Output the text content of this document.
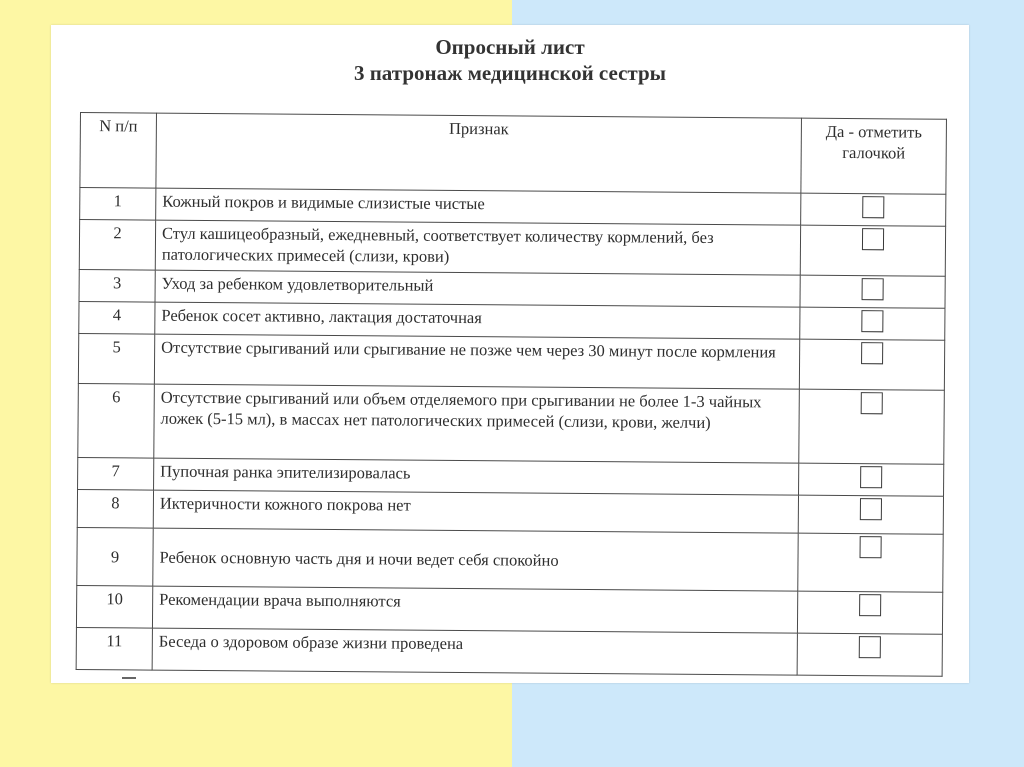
Опросный лист
3 патронаж медицинской сестры
N п/п	Признак	Да - отметить галочкой
1	Кожный покров и видимые слизистые чистые	
2	Стул кашицеобразный, ежедневный, соответствует количеству кормлений, без патологических примесей (слизи, крови)	
3	Уход за ребенком удовлетворительный	
4	Ребенок сосет активно, лактация достаточная	
5	Отсутствие срыгиваний или срыгивание не позже чем через 30 минут после кормления	
6	Отсутствие срыгиваний или объем отделяемого при срыгивании не более 1-3 чайных ложек (5-15 мл), в массах нет патологических примесей (слизи, крови, желчи)	
7	Пупочная ранка эпителизировалась	
8	Иктеричности кожного покрова нет	
9	Ребенок основную часть дня и ночи ведет себя спокойно	
10	Рекомендации врача выполняются	
11	Беседа о здоровом образе жизни проведена	
